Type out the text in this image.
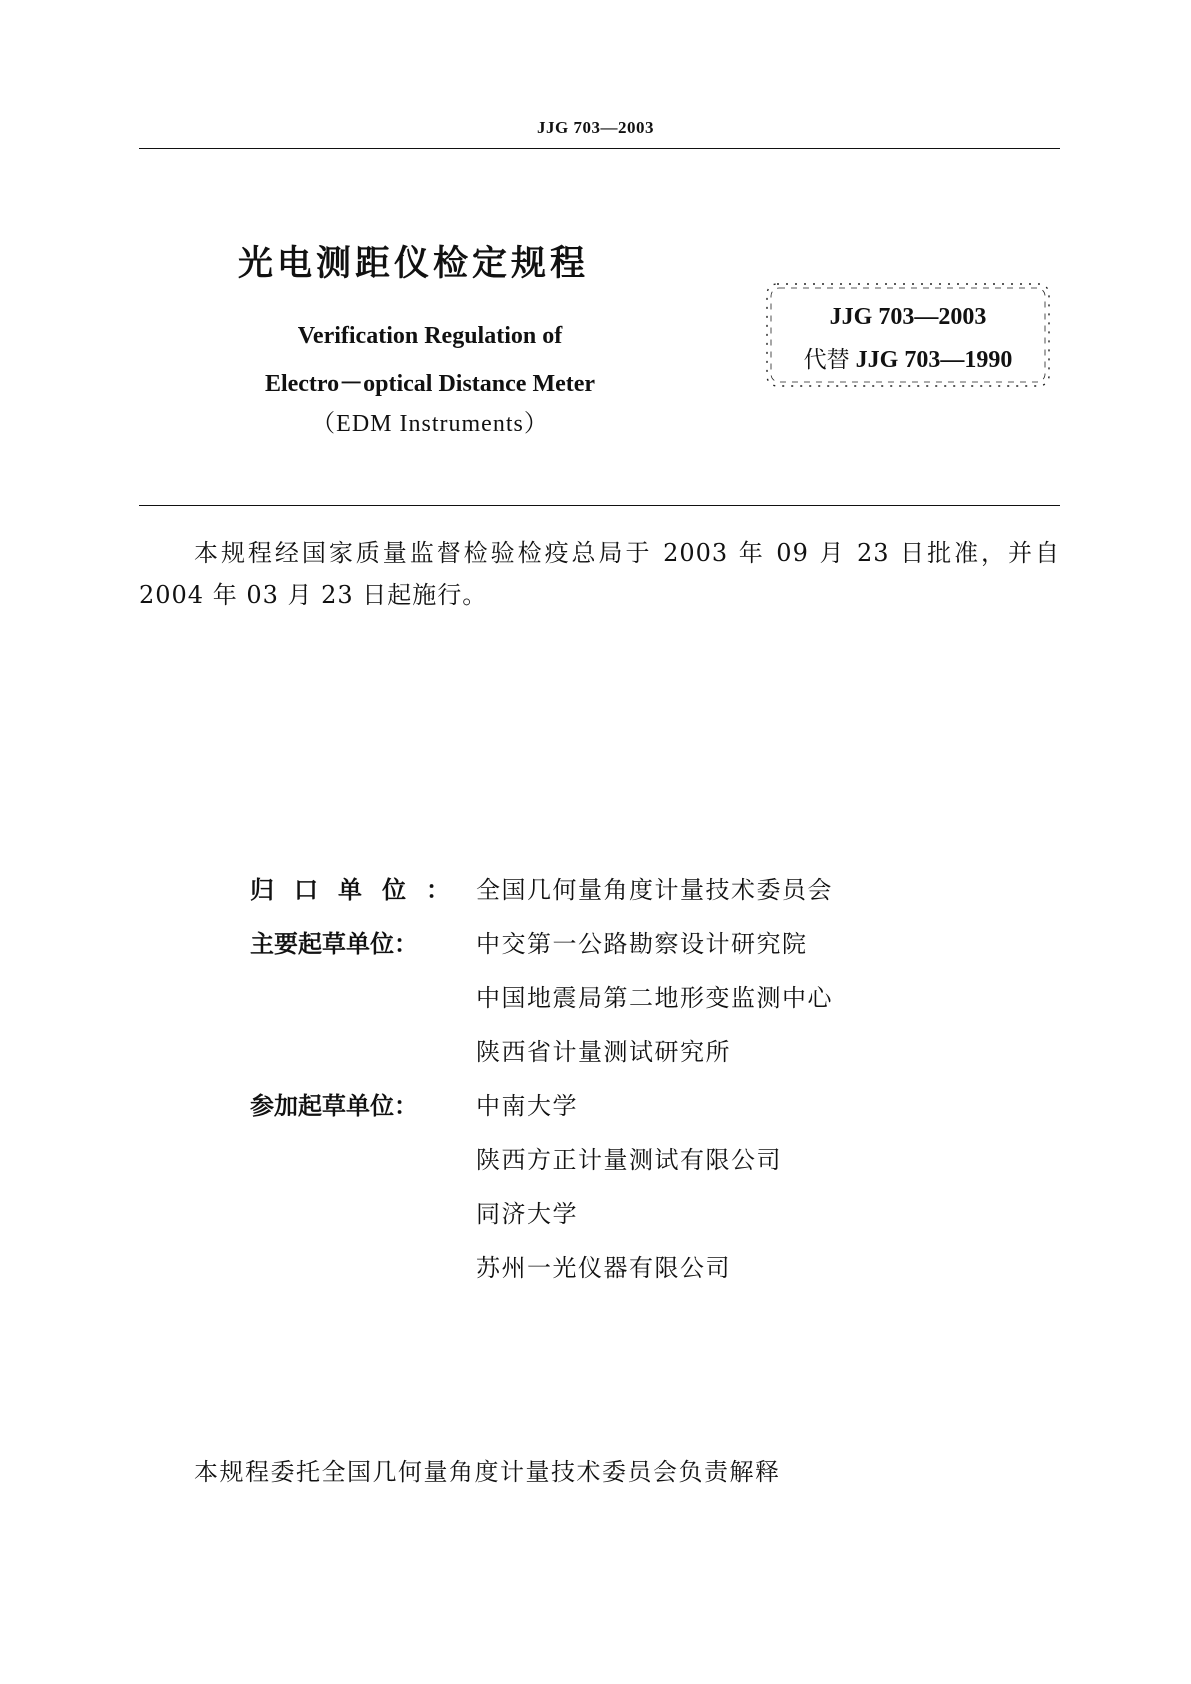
JJG 703—2003
光电测距仪检定规程
Verification Regulation of
Electro－optical Distance Meter
（EDM Instruments）
JJG 703—2003
代替 JJG 703—1990
本规程经国家质量监督检验检疫总局于 2003 年 09 月 23 日批准，并自 2004 年 03 月 23 日起施行。
归口单位： 全国几何量角度计量技术委员会
主要起草单位：	中交第一公路勘察设计研究院
中国地震局第二地形变监测中心
陕西省计量测试研究所
参加起草单位：	中南大学
陕西方正计量测试有限公司
同济大学
苏州一光仪器有限公司
本规程委托全国几何量角度计量技术委员会负责解释
